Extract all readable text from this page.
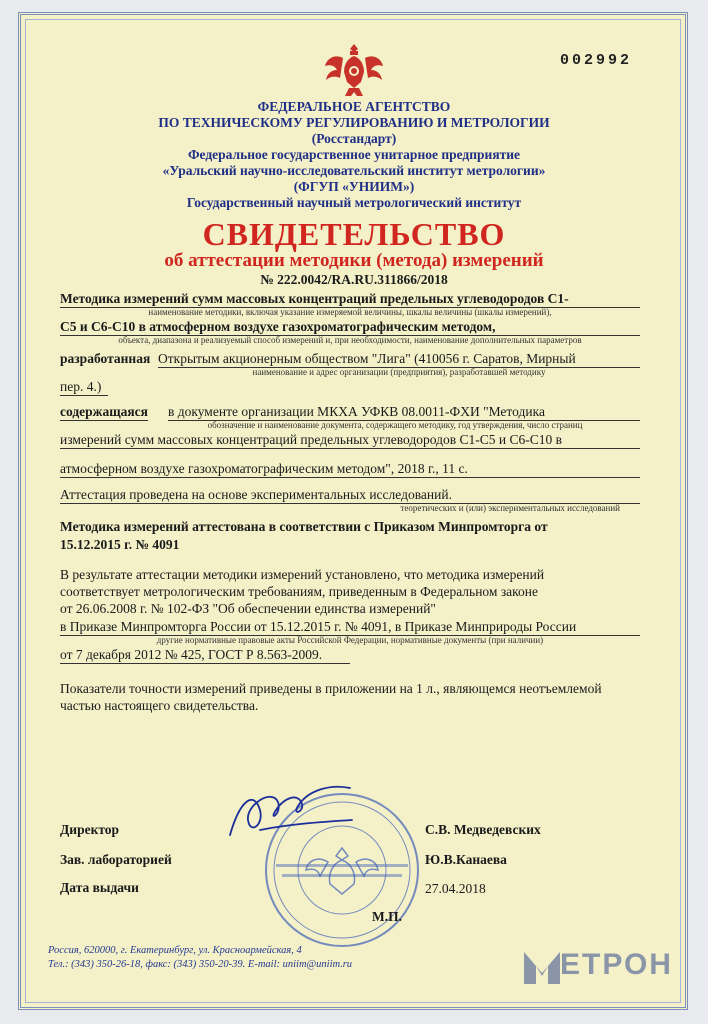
002992
ФЕДЕРАЛЬНОЕ АГЕНТСТВО
ПО ТЕХНИЧЕСКОМУ РЕГУЛИРОВАНИЮ И МЕТРОЛОГИИ
(Росстандарт)
Федеральное государственное унитарное предприятие
«Уральский научно-исследовательский институт метрологии»
(ФГУП «УНИИМ»)
Государственный научный метрологический институт
СВИДЕТЕЛЬСТВО
об аттестации методики (метода) измерений
№ 222.0042/RA.RU.311866/2018
Методика измерений сумм массовых концентраций предельных углеводородов С1-
наименование методики, включая указание измеряемой величины, шкалы величины (шкалы измерений),
С5 и С6-С10 в атмосферном воздухе газохроматографическим методом,
объекта, диапазона и реализуемый способ измерений и, при необходимости, наименование дополнительных параметров
разработанная Открытым акционерным обществом "Лига" (410056 г. Саратов, Мирный
наименование и адрес организации (предприятия), разработавшей методику
пер. 4.)
содержащаяся в документе организации МКХА УФКВ 08.0011-ФХИ "Методика
обозначение и наименование документа, содержащего методику, год утверждения, число страниц
измерений сумм массовых концентраций предельных углеводородов С1-С5 и С6-С10 в
атмосферном воздухе газохроматографическим методом", 2018 г., 11 с.
Аттестация проведена на основе экспериментальных исследований.
теоретических и (или) экспериментальных исследований
Методика измерений аттестована в соответствии с Приказом Минпромторга от
15.12.2015 г. № 4091
В результате аттестации методики измерений установлено, что методика измерений
соответствует метрологическим требованиям, приведенным в Федеральном законе
от 26.06.2008 г. № 102-ФЗ "Об обеспечении единства измерений"
в Приказе Минпромторга России от 15.12.2015 г. № 4091, в Приказе Минприроды России
другие нормативные правовые акты Российской Федерации, нормативные документы (при наличии)
от 7 декабря 2012 № 425, ГОСТ Р 8.563-2009.
Показатели точности измерений приведены в приложении на 1 л., являющемся неотъемлемой
частью настоящего свидетельства.
Директор	С.В. Медведевских
Зав. лабораторией	Ю.В.Канаева
Дата выдачи	27.04.2018
М.П.
Россия, 620000, г. Екатеринбург, ул. Красноармейская, 4
Тел.: (343) 350-26-18, факс: (343) 350-20-39. E-mail: uniim@uniim.ru	ЕТРОН
